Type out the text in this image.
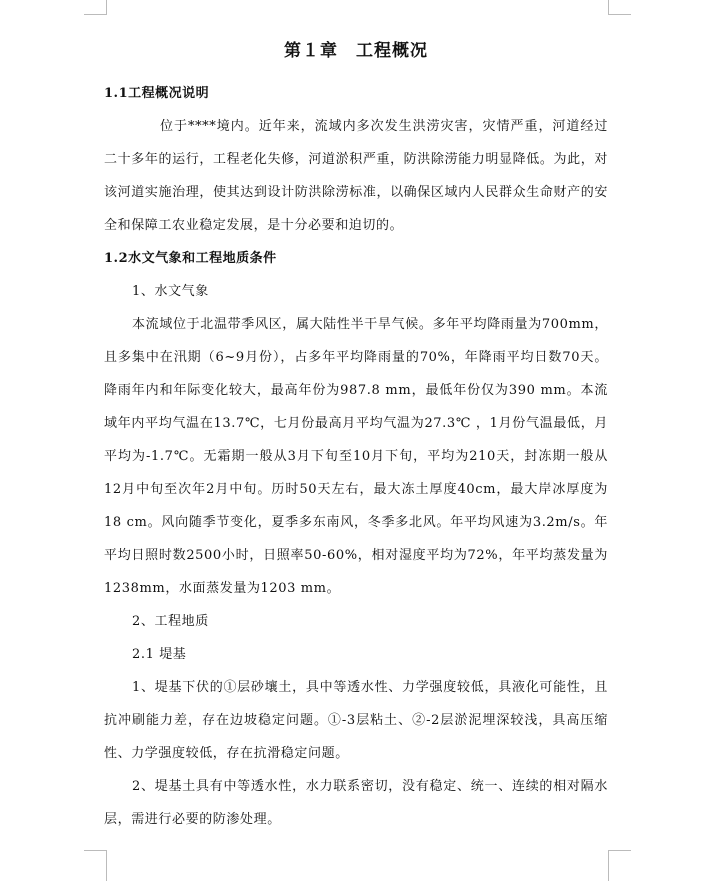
第１章　工程概况
1.1工程概况说明

位于****境内。近年来，流域内多次发生洪涝灾害，灾情严重，河道经过二十多年的运行，工程老化失修，河道淤积严重，防洪除涝能力明显降低。为此，对该河道实施治理，使其达到设计防洪除涝标准，以确保区域内人民群众生命财产的安全和保障工农业稳定发展，是十分必要和迫切的。

1.2水文气象和工程地质条件

1、水文气象

本流域位于北温带季风区，属大陆性半干旱气候。多年平均降雨量为700mm，且多集中在汛期（6~9月份），占多年平均降雨量的70%，年降雨平均日数70天。降雨年内和年际变化较大，最高年份为987.8 mm，最低年份仅为390 mm。本流域年内平均气温在13.7℃，七月份最高月平均气温为27.3℃ ，1月份气温最低，月平均为-1.7℃。无霜期一般从3月下旬至10月下旬，平均为210天，封冻期一般从12月中旬至次年2月中旬。历时50天左右，最大冻土厚度40cm，最大岸冰厚度为18 cm。风向随季节变化，夏季多东南风，冬季多北风。年平均风速为3.2m/s。年平均日照时数2500小时，日照率50-60%，相对湿度平均为72%，年平均蒸发量为1238mm，水面蒸发量为1203 mm。

2、工程地质

2.1 堤基

1、堤基下伏的①层砂壤土，具中等透水性、力学强度较低，具液化可能性，且抗冲刷能力差，存在边坡稳定问题。①-3层粘土、②-2层淤泥埋深较浅，具高压缩性、力学强度较低，存在抗滑稳定问题。

2、堤基土具有中等透水性，水力联系密切，没有稳定、统一、连续的相对隔水层，需进行必要的防渗处理。
